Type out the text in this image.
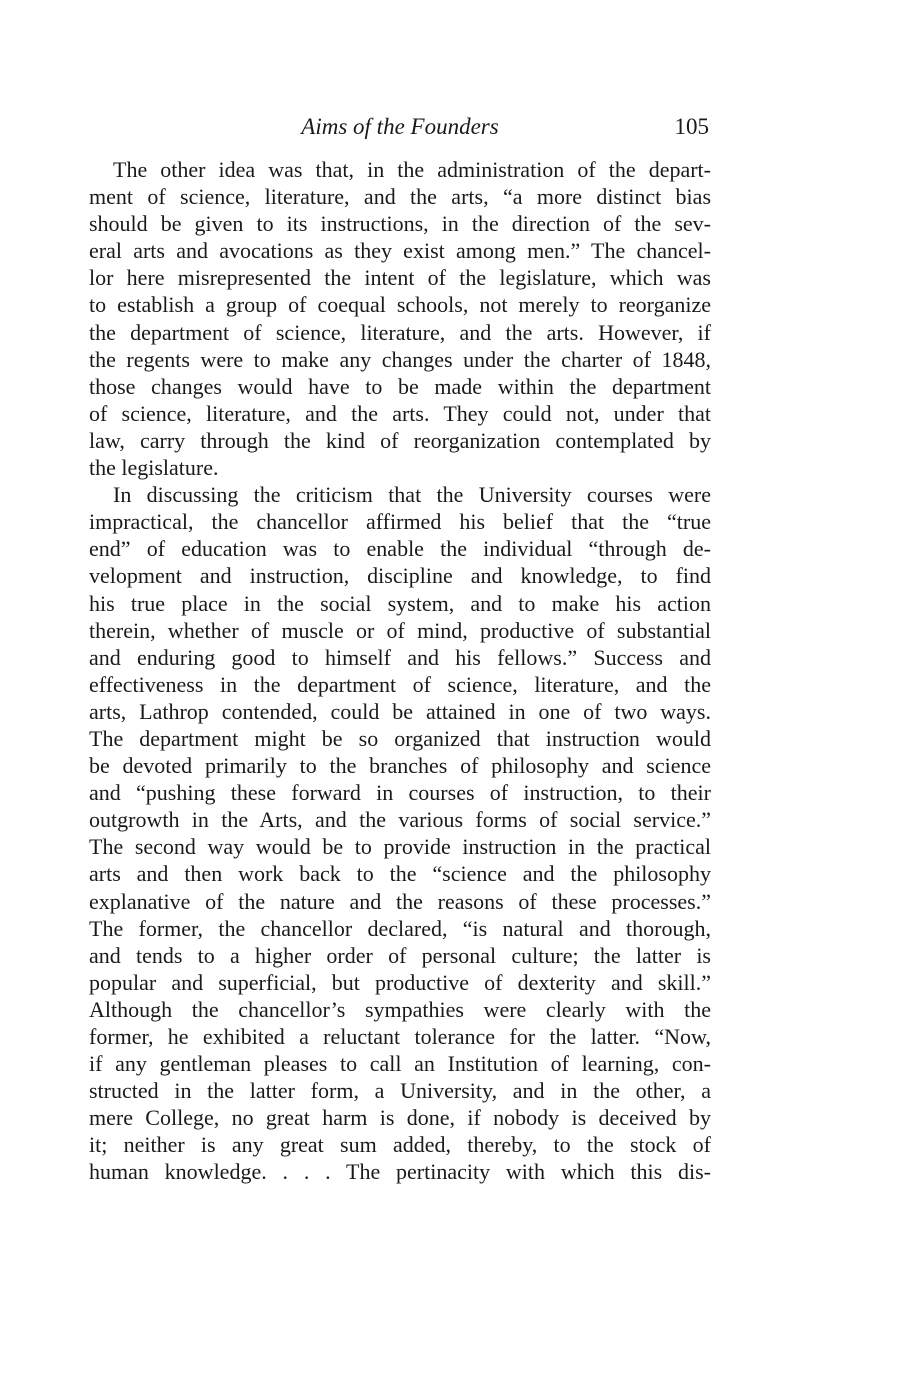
Aims of the Founders	105
The other idea was that, in the administration of the depart-
ment of science, literature, and the arts, “a more distinct bias
should be given to its instructions, in the direction of the sev-
eral arts and avocations as they exist among men.” The chancel-
lor here misrepresented the intent of the legislature, which was
to establish a group of coequal schools, not merely to reorganize
the department of science, literature, and the arts. However, if
the regents were to make any changes under the charter of 1848,
those changes would have to be made within the department
of science, literature, and the arts. They could not, under that
law, carry through the kind of reorganization contemplated by
the legislature.
In discussing the criticism that the University courses were
impractical, the chancellor affirmed his belief that the “true
end” of education was to enable the individual “through de-
velopment and instruction, discipline and knowledge, to find
his true place in the social system, and to make his action
therein, whether of muscle or of mind, productive of substantial
and enduring good to himself and his fellows.” Success and
effectiveness in the department of science, literature, and the
arts, Lathrop contended, could be attained in one of two ways.
The department might be so organized that instruction would
be devoted primarily to the branches of philosophy and science
and “pushing these forward in courses of instruction, to their
outgrowth in the Arts, and the various forms of social service.”
The second way would be to provide instruction in the practical
arts and then work back to the “science and the philosophy
explanative of the nature and the reasons of these processes.”
The former, the chancellor declared, “is natural and thorough,
and tends to a higher order of personal culture; the latter is
popular and superficial, but productive of dexterity and skill.”
Although the chancellor’s sympathies were clearly with the
former, he exhibited a reluctant tolerance for the latter. “Now,
if any gentleman pleases to call an Institution of learning, con-
structed in the latter form, a University, and in the other, a
mere College, no great harm is done, if nobody is deceived by
it; neither is any great sum added, thereby, to the stock of
human knowledge. . . . The pertinacity with which this dis-
